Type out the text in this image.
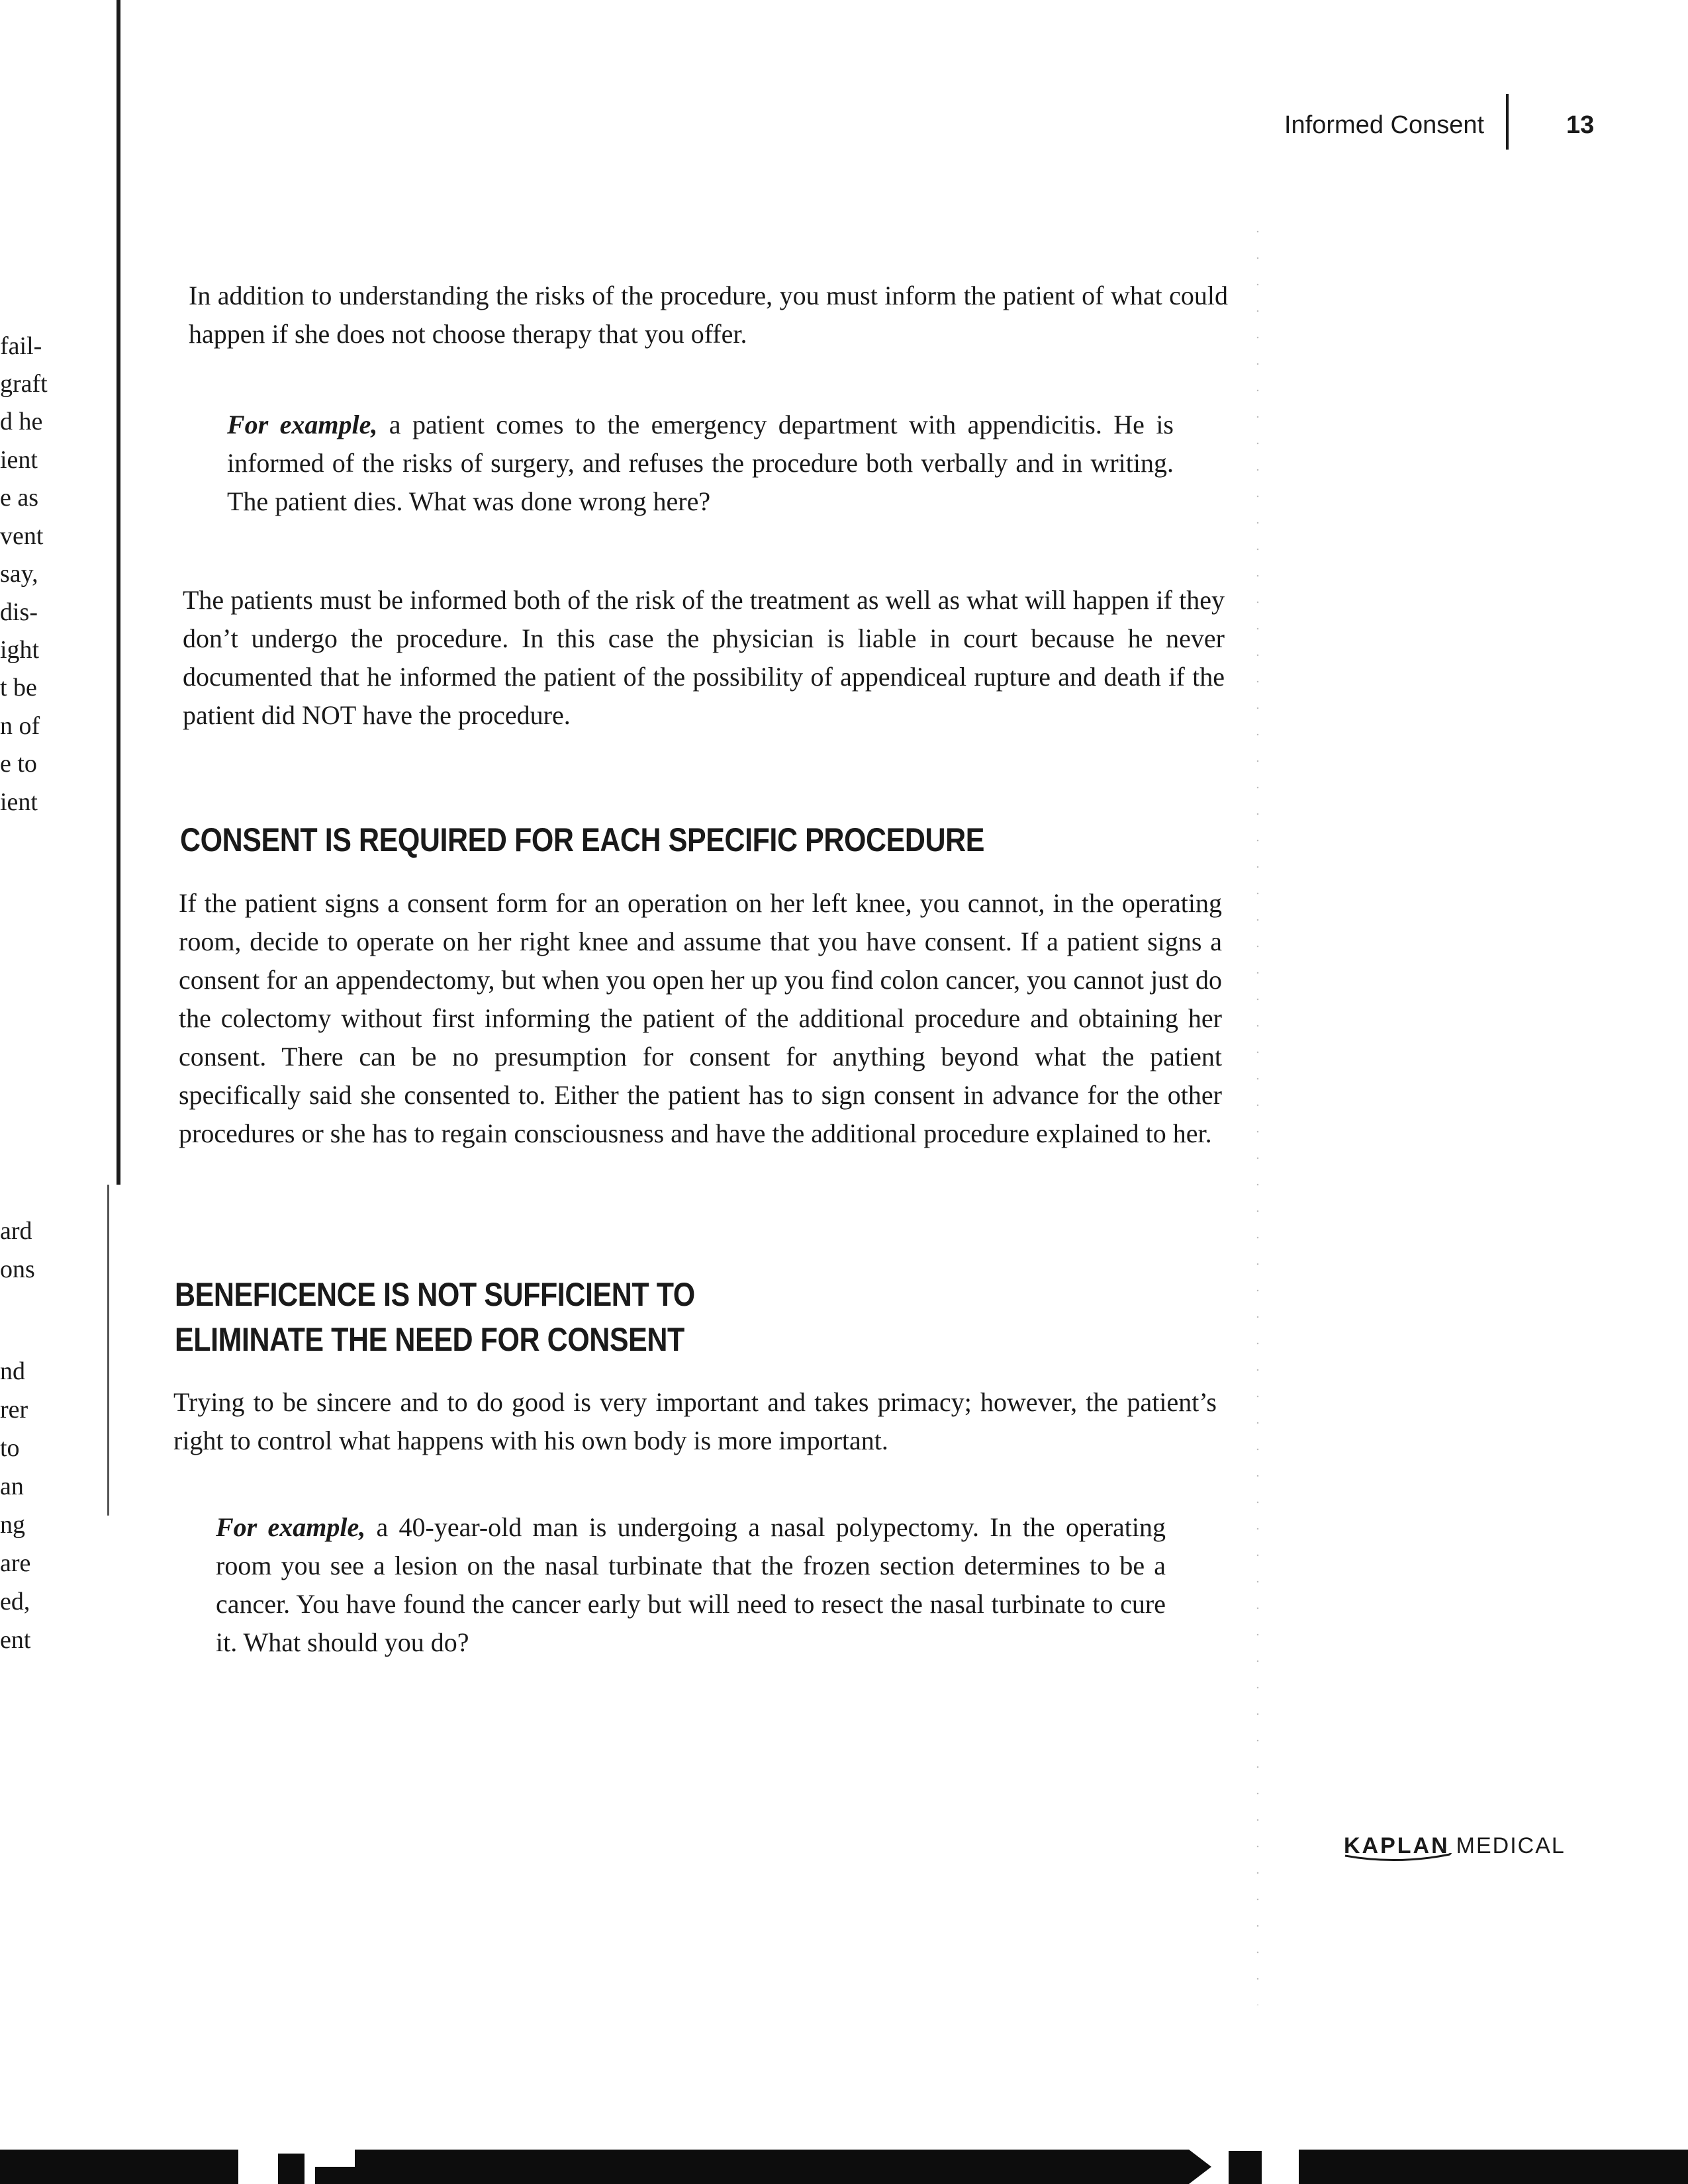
fail-
graft
d he
ient
e as
vent
say,
dis-
ight
t be
n of
e to
ient
ard
ons
nd
rer
to
an
ng
are
ed,
ent
Informed Consent	13

In addition to understanding the risks of the procedure, you must inform the patient of what could happen if she does not choose therapy that you offer.

For example, a patient comes to the emergency department with appendicitis. He is informed of the risks of surgery, and refuses the procedure both verbally and in writing. The patient dies. What was done wrong here?

The patients must be informed both of the risk of the treatment as well as what will happen if they don’t undergo the procedure. In this case the physician is liable in court because he never documented that he informed the patient of the possibility of appendiceal rupture and death if the patient did NOT have the procedure.

CONSENT IS REQUIRED FOR EACH SPECIFIC PROCEDURE

If the patient signs a consent form for an operation on her left knee, you cannot, in the operating room, decide to operate on her right knee and assume that you have consent. If a patient signs a consent for an appendectomy, but when you open her up you find colon cancer, you cannot just do the colectomy without first informing the patient of the additional procedure and obtaining her consent. There can be no presumption for consent for anything beyond what the patient specifically said she consented to. Either the patient has to sign consent in advance for the other procedures or she has to regain consciousness and have the additional procedure explained to her.

BENEFICENCE IS NOT SUFFICIENT TO
ELIMINATE THE NEED FOR CONSENT

Trying to be sincere and to do good is very important and takes primacy; however, the patient’s right to control what happens with his own body is more important.

For example, a 40-year-old man is undergoing a nasal polypectomy. In the operating room you see a lesion on the nasal turbinate that the frozen section determines to be a cancer. You have found the cancer early but will need to resect the nasal turbinate to cure it. What should you do?

KAPLAN MEDICAL
